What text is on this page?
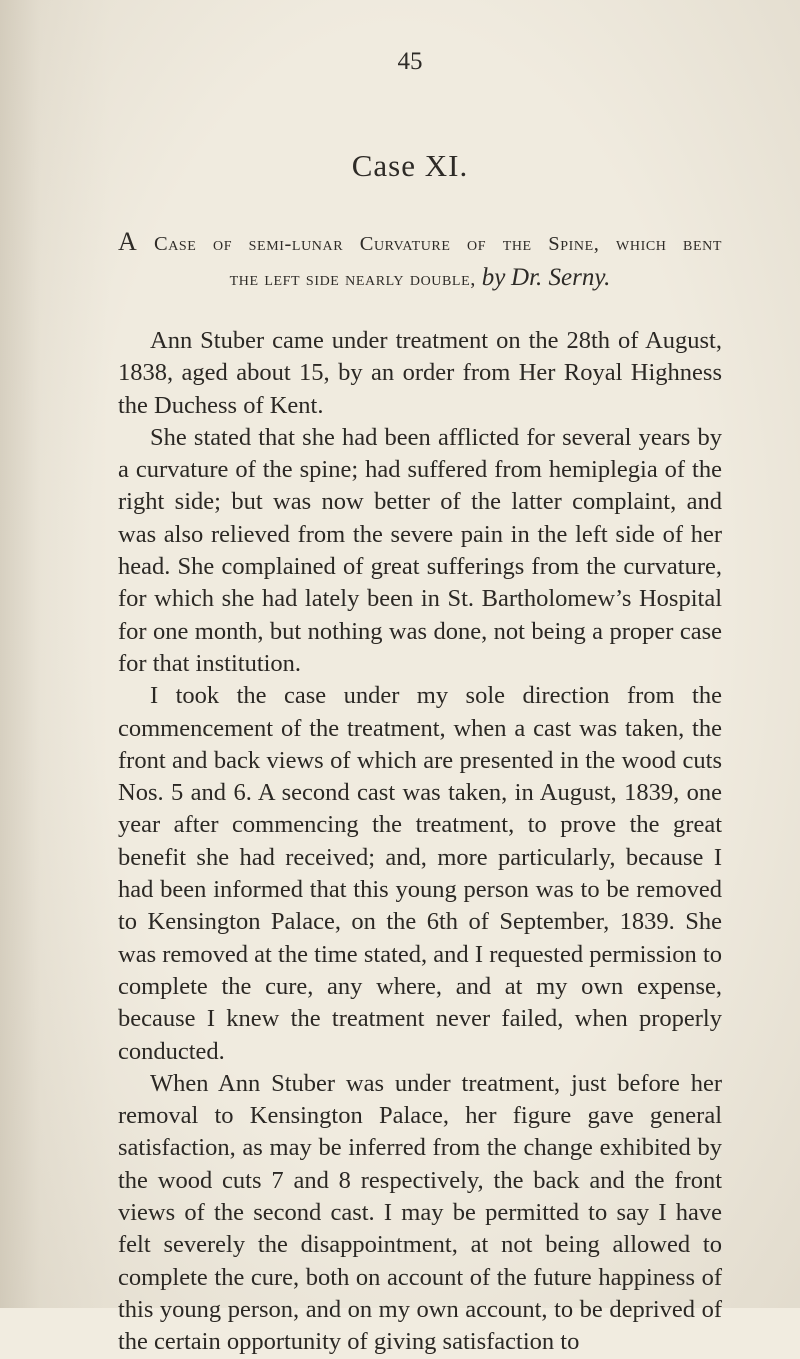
45
Case XI.
A Case of semi-lunar Curvature of the Spine, which bent
the left side nearly double, by Dr. Serny.

Ann Stuber came under treatment on the 28th of August, 1838, aged about 15, by an order from Her Royal Highness the Duchess of Kent.

She stated that she had been afflicted for several years by a curvature of the spine; had suffered from hemiplegia of the right side; but was now better of the latter complaint, and was also relieved from the severe pain in the left side of her head. She complained of great sufferings from the curvature, for which she had lately been in St. Bartholomew’s Hospital for one month, but nothing was done, not being a proper case for that institution.

I took the case under my sole direction from the commencement of the treatment, when a cast was taken, the front and back views of which are presented in the wood cuts Nos. 5 and 6. A second cast was taken, in August, 1839, one year after commencing the treatment, to prove the great benefit she had received; and, more particularly, because I had been informed that this young person was to be removed to Kensington Palace, on the 6th of September, 1839. She was removed at the time stated, and I requested permission to complete the cure, any where, and at my own expense, because I knew the treatment never failed, when properly conducted.

When Ann Stuber was under treatment, just before her removal to Kensington Palace, her figure gave general satisfaction, as may be inferred from the change exhibited by the wood cuts 7 and 8 respectively, the back and the front views of the second cast. I may be permitted to say I have felt severely the disappointment, at not being allowed to complete the cure, both on account of the future happiness of this young person, and on my own account, to be deprived of the certain opportunity of giving satisfaction to
